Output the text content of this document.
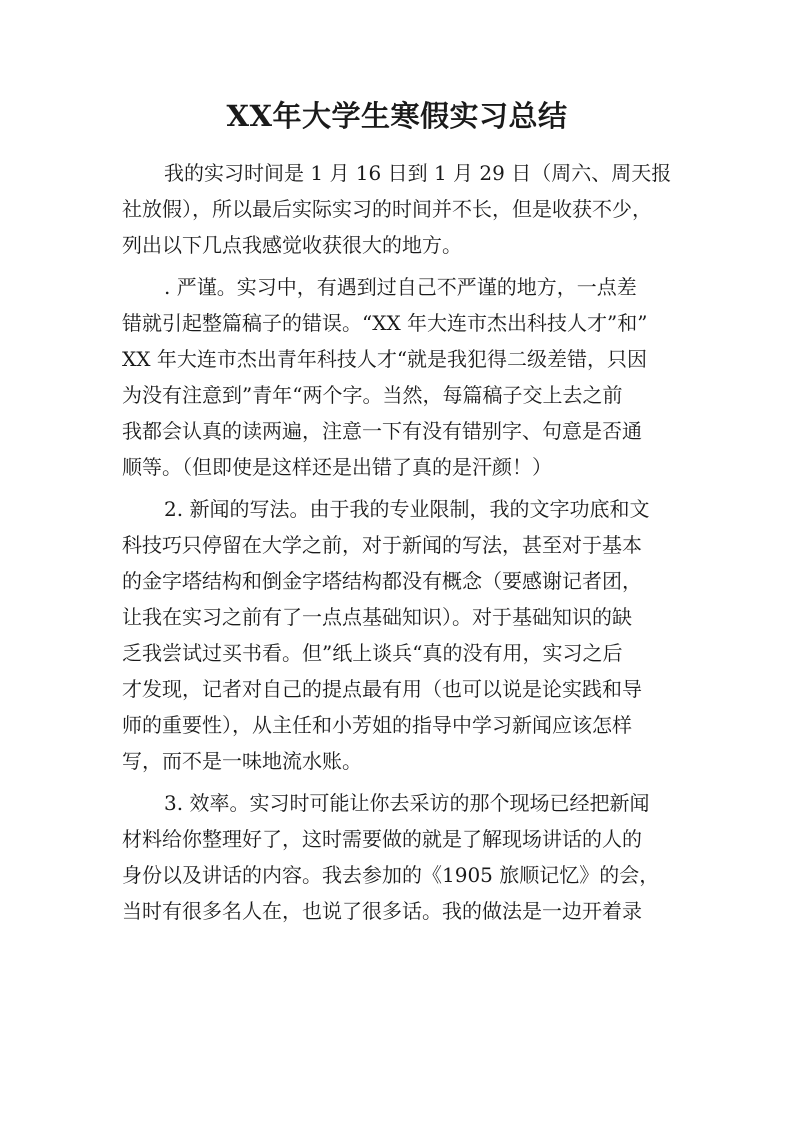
XX年大学生寒假实习总结
我的实习时间是 1 月 16 日到 1 月 29 日（周六、周天报
社放假），所以最后实际实习的时间并不长，但是收获不少，
列出以下几点我感觉收获很大的地方。
. 严谨。实习中，有遇到过自己不严谨的地方，一点差
错就引起整篇稿子的错误。“XX 年大连市杰出科技人才”和”
XX 年大连市杰出青年科技人才“就是我犯得二级差错，只因
为没有注意到”青年“两个字。当然，每篇稿子交上去之前
我都会认真的读两遍，注意一下有没有错别字、句意是否通
顺等。（但即使是这样还是出错了真的是汗颜！）
2. 新闻的写法。由于我的专业限制，我的文字功底和文
科技巧只停留在大学之前，对于新闻的写法，甚至对于基本
的金字塔结构和倒金字塔结构都没有概念（要感谢记者团，
让我在实习之前有了一点点基础知识）。对于基础知识的缺
乏我尝试过买书看。但”纸上谈兵“真的没有用，实习之后
才发现，记者对自己的提点最有用（也可以说是论实践和导
师的重要性），从主任和小芳姐的指导中学习新闻应该怎样
写，而不是一味地流水账。
3. 效率。实习时可能让你去采访的那个现场已经把新闻
材料给你整理好了，这时需要做的就是了解现场讲话的人的
身份以及讲话的内容。我去参加的《1905 旅顺记忆》的会，
当时有很多名人在，也说了很多话。我的做法是一边开着录
